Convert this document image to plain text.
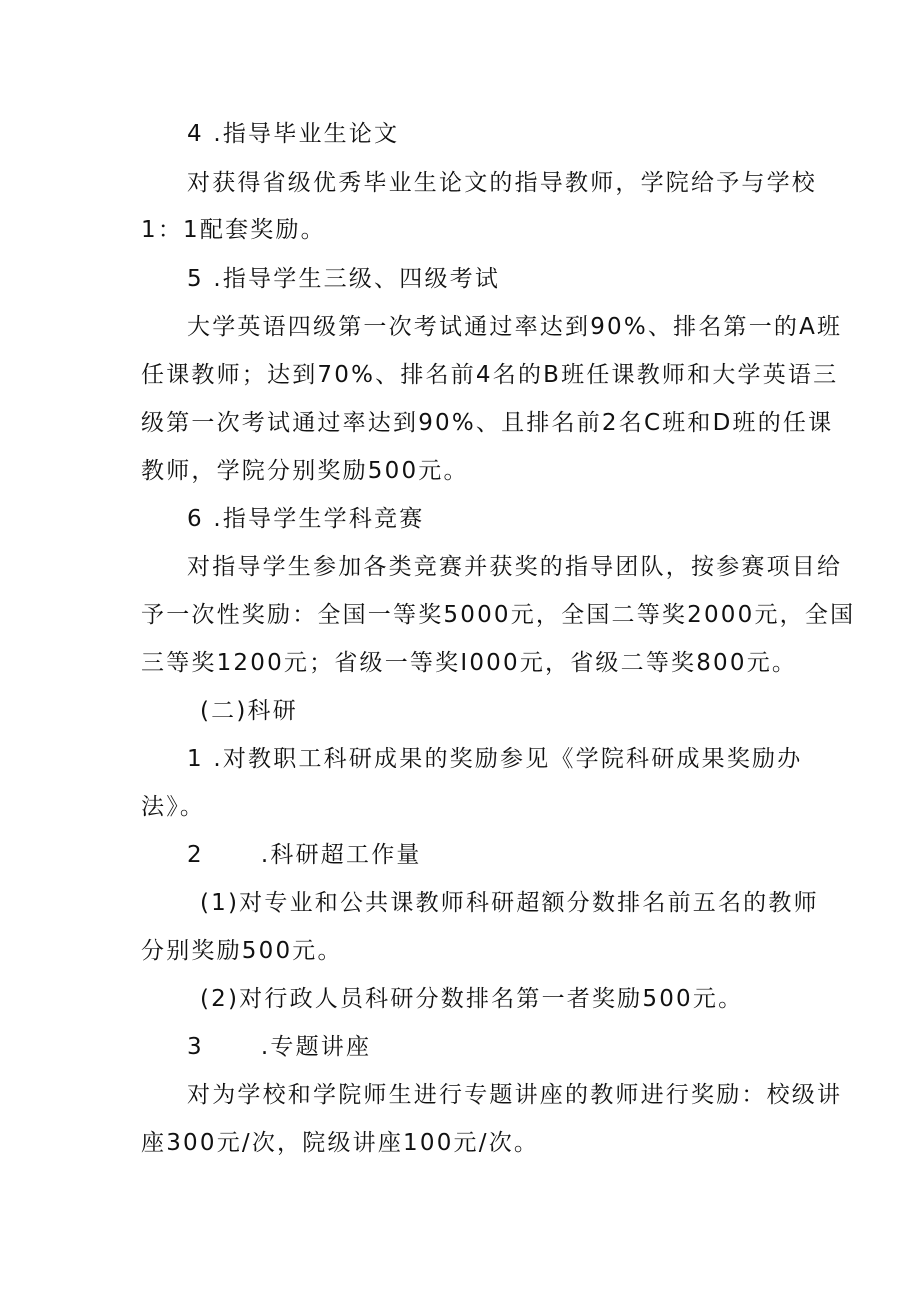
4 .指导毕业生论文
对获得省级优秀毕业生论文的指导教师，学院给予与学校
1：1配套奖励。
5 .指导学生三级、四级考试
大学英语四级第一次考试通过率达到90%、排名第一的A班
任课教师；达到70%、排名前4名的B班任课教师和大学英语三
级第一次考试通过率达到90%、且排名前2名C班和D班的任课
教师，学院分别奖励500元。
6 .指导学生学科竞赛
对指导学生参加各类竞赛并获奖的指导团队，按参赛项目给
予一次性奖励：全国一等奖5000元，全国二等奖2000元，全国
三等奖1200元；省级一等奖I000元，省级二等奖800元。
(二)科研
1 .对教职工科研成果的奖励参见《学院科研成果奖励办
法》。
2      .科研超工作量
(1)对专业和公共课教师科研超额分数排名前五名的教师
分别奖励500元。
(2)对行政人员科研分数排名第一者奖励500元。
3      .专题讲座
对为学校和学院师生进行专题讲座的教师进行奖励：校级讲
座300元/次，院级讲座100元/次。
